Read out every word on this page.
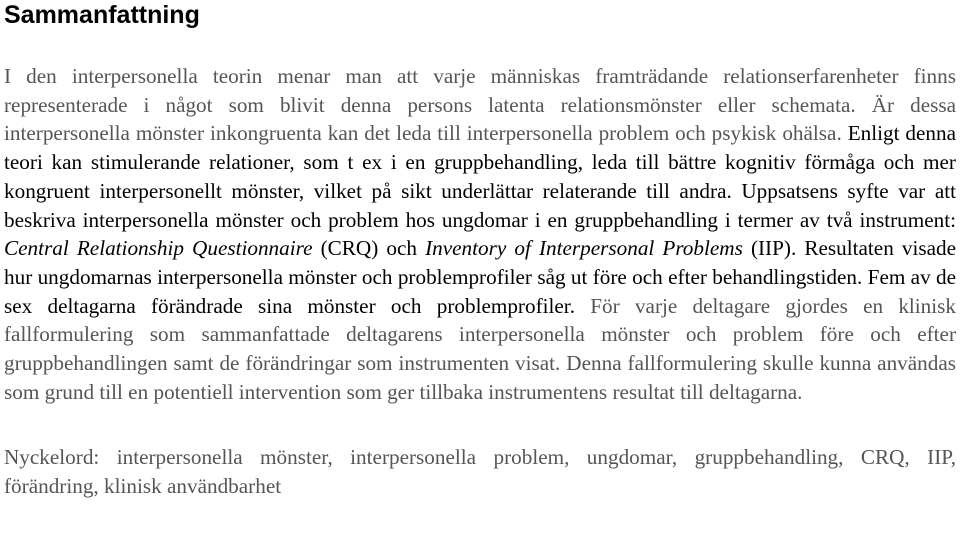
Sammanfattning

I den interpersonella teorin menar man att varje människas framträdande relationserfarenheter finns representerade i något som blivit denna persons latenta relationsmönster eller schemata. Är dessa interpersonella mönster inkongruenta kan det leda till interpersonella problem och psykisk ohälsa. Enligt denna teori kan stimulerande relationer, som t ex i en gruppbehandling, leda till bättre kognitiv förmåga och mer kongruent interpersonellt mönster, vilket på sikt underlättar relaterande till andra. Uppsatsens syfte var att beskriva interpersonella mönster och problem hos ungdomar i en gruppbehandling i termer av två instrument: Central Relationship Questionnaire (CRQ) och Inventory of Interpersonal Problems (IIP). Resultaten visade hur ungdomarnas interpersonella mönster och problemprofiler såg ut före och efter behandlingstiden. Fem av de sex deltagarna förändrade sina mönster och problemprofiler. För varje deltagare gjordes en klinisk fallformulering som sammanfattade deltagarens interpersonella mönster och problem före och efter gruppbehandlingen samt de förändringar som instrumenten visat. Denna fallformulering skulle kunna användas som grund till en potentiell intervention som ger tillbaka instrumentens resultat till deltagarna.

Nyckelord: interpersonella mönster, interpersonella problem, ungdomar, gruppbehandling, CRQ, IIP, förändring, klinisk användbarhet
